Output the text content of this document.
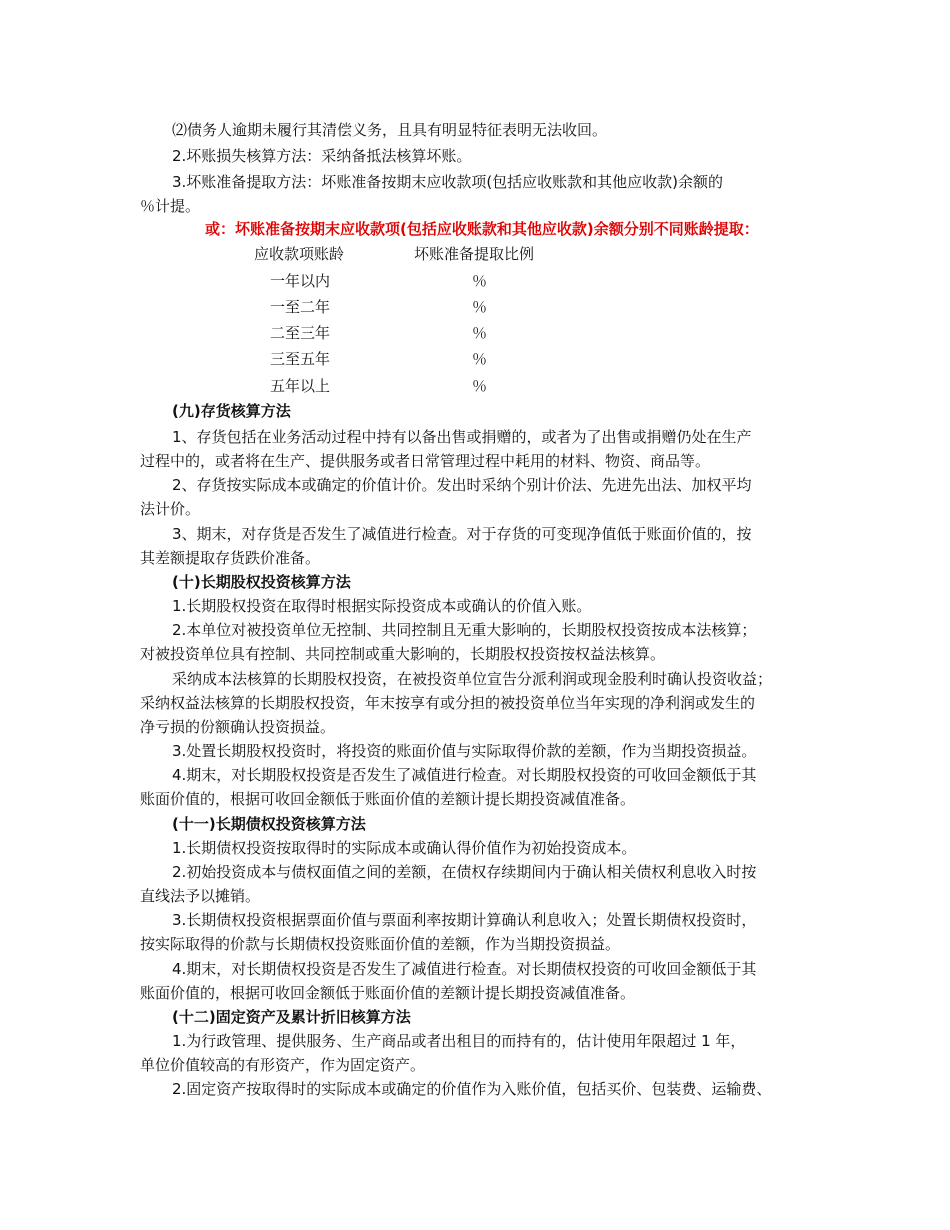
⑵债务人逾期未履行其清偿义务，且具有明显特征表明无法收回。
2.坏账损失核算方法：采纳备抵法核算坏账。
3.坏账准备提取方法：坏账准备按期末应收款项(包括应收账款和其他应收款)余额的
％计提。
或：坏账准备按期末应收款项(包括应收账款和其他应收款)余额分别不同账龄提取：
应收款项账龄	坏账准备提取比例
一年以内	％
一至二年	％
二至三年	％
三至五年	％
五年以上	％
(九)存货核算方法
1、存货包括在业务活动过程中持有以备出售或捐赠的，或者为了出售或捐赠仍处在生产
过程中的，或者将在生产、提供服务或者日常管理过程中耗用的材料、物资、商品等。
2、存货按实际成本或确定的价值计价。发出时采纳个别计价法、先进先出法、加权平均
法计价。
3、期末，对存货是否发生了减值进行检查。对于存货的可变现净值低于账面价值的，按
其差额提取存货跌价准备。
(十)长期股权投资核算方法
1.长期股权投资在取得时根据实际投资成本或确认的价值入账。
2.本单位对被投资单位无控制、共同控制且无重大影响的，长期股权投资按成本法核算；
对被投资单位具有控制、共同控制或重大影响的，长期股权投资按权益法核算。
采纳成本法核算的长期股权投资，在被投资单位宣告分派利润或现金股利时确认投资收益；
采纳权益法核算的长期股权投资，年末按享有或分担的被投资单位当年实现的净利润或发生的
净亏损的份额确认投资损益。
3.处置长期股权投资时，将投资的账面价值与实际取得价款的差额，作为当期投资损益。
4.期末，对长期股权投资是否发生了减值进行检查。对长期股权投资的可收回金额低于其
账面价值的，根据可收回金额低于账面价值的差额计提长期投资减值准备。
(十一)长期债权投资核算方法
1.长期债权投资按取得时的实际成本或确认得价值作为初始投资成本。
2.初始投资成本与债权面值之间的差额，在债权存续期间内于确认相关债权利息收入时按
直线法予以摊销。
3.长期债权投资根据票面价值与票面利率按期计算确认利息收入；处置长期债权投资时，
按实际取得的价款与长期债权投资账面价值的差额，作为当期投资损益。
4.期末，对长期债权投资是否发生了减值进行检查。对长期债权投资的可收回金额低于其
账面价值的，根据可收回金额低于账面价值的差额计提长期投资减值准备。
(十二)固定资产及累计折旧核算方法
1.为行政管理、提供服务、生产商品或者出租目的而持有的，估计使用年限超过 1 年，
单位价值较高的有形资产，作为固定资产。
2.固定资产按取得时的实际成本或确定的价值作为入账价值，包括买价、包装费、运输费、
